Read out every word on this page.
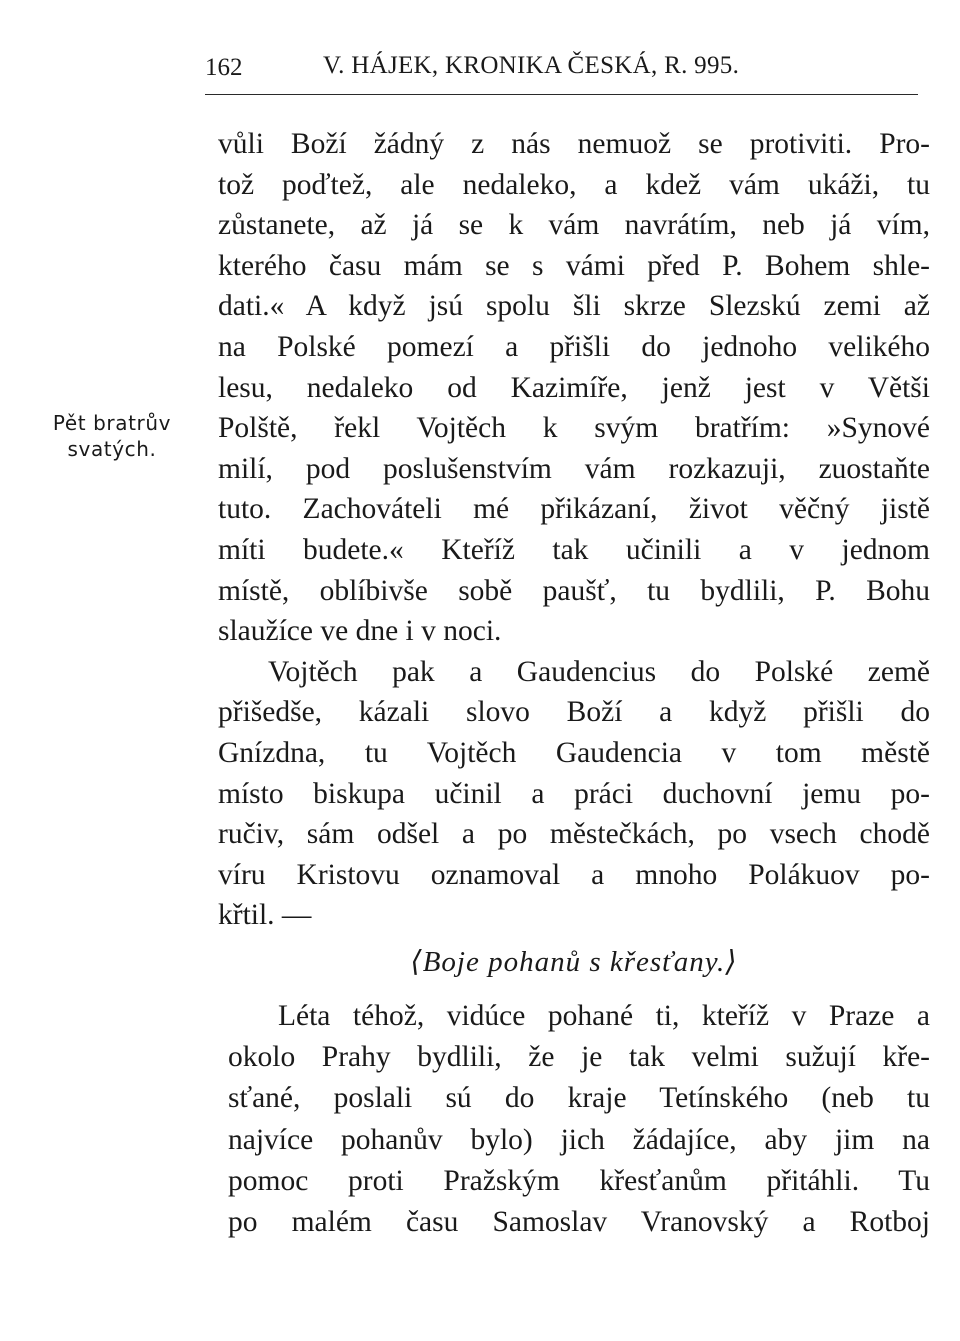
162	V. HÁJEK, KRONIKA ČESKÁ, R. 995.
Pět bratrův
svatých.
vůli Boží žádný z nás nemuož se protiviti. Pro-
tož poďtež, ale nedaleko, a kdež vám ukáži, tu
zůstanete, až já se k vám navrátím, neb já vím,
kterého času mám se s vámi před P. Bohem shle-
dati.« A když jsú spolu šli skrze Slezskú zemi až
na Polské pomezí a přišli do jednoho velikého
lesu, nedaleko od Kazimíře, jenž jest v Větši
Polště, řekl Vojtěch k svým bratřím: »Synové
milí, pod poslušenstvím vám rozkazuji, zuostaňte
tuto. Zachováteli mé přikázaní, život věčný jistě
míti budete.« Kteříž tak učinili a v jednom
místě, oblíbivše sobě paušť, tu bydlili, P. Bohu
slaužíce ve dne i v noci.
Vojtěch pak a Gaudencius do Polské země
přišedše, kázali slovo Boží a když přišli do
Gnízdna, tu Vojtěch Gaudencia v tom městě
místo biskupa učinil a práci duchovní jemu po-
ručiv, sám odšel a po městečkách, po vsech chodě
víru Kristovu oznamoval a mnoho Polákuov po-
křtil. —
⟨Boje pohanů s křesťany.⟩
Léta téhož, vidúce pohané ti, kteříž v Praze a
okolo Prahy bydlili, že je tak velmi sužují kře-
sťané, poslali sú do kraje Tetínského (neb tu
najvíce pohanův bylo) jich žádajíce, aby jim na
pomoc proti Pražským křesťanům přitáhli. Tu
po malém času Samoslav Vranovský a Rotboj
